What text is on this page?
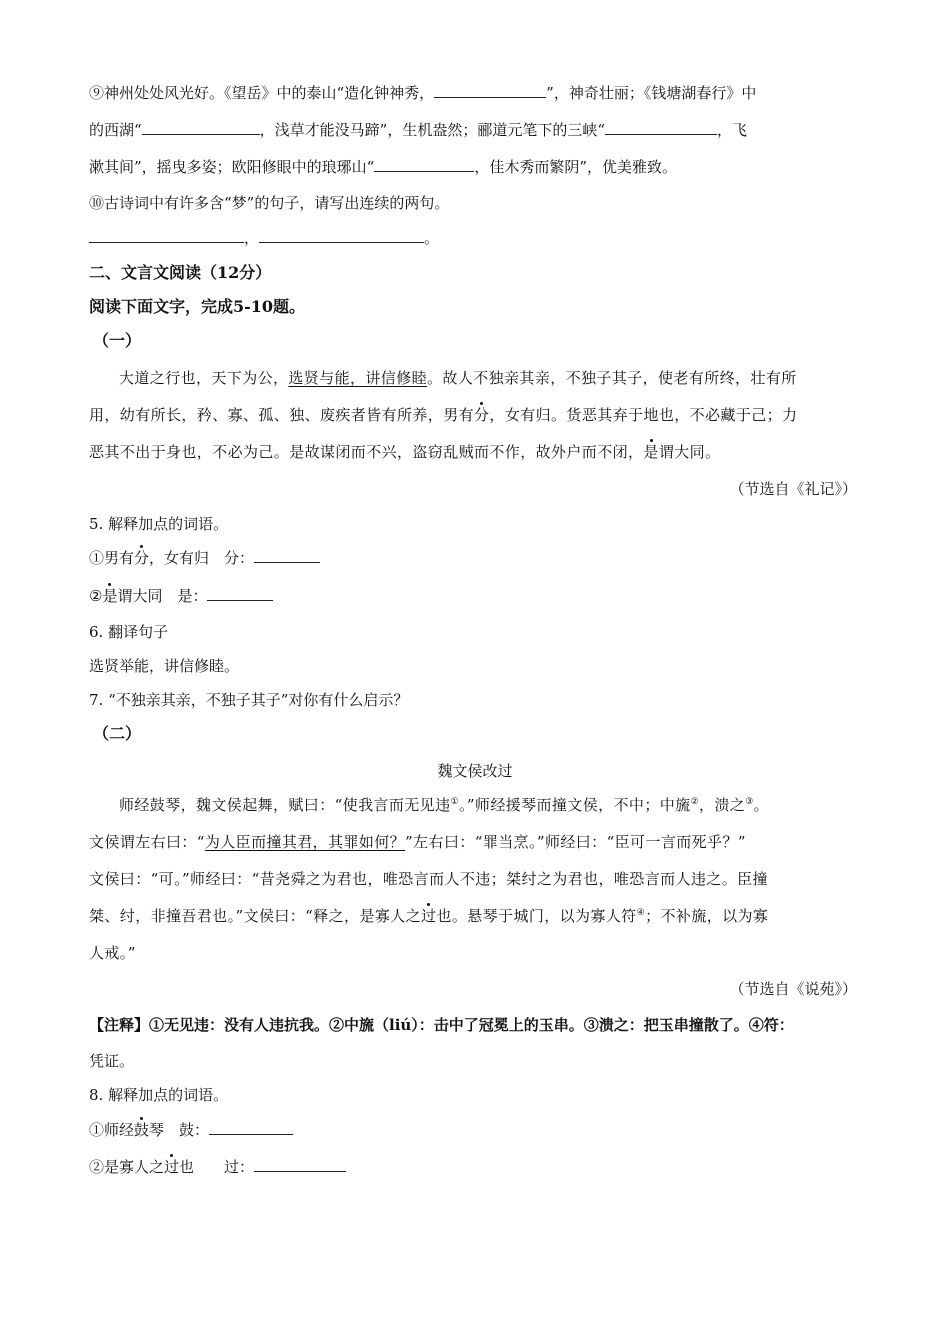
⑨神州处处风光好。《望岳》中的泰山“造化钟神秀，	”，神奇壮丽；《钱塘湖春行》中
的西湖“	，浅草才能没马蹄”，生机盎然；郦道元笔下的三峡“	，飞
漱其间”，摇曳多姿；欧阳修眼中的琅琊山“	，佳木秀而繁阴”，优美雅致。
⑩古诗词中有许多含“梦”的句子，请写出连续的两句。
，	。
二、文言文阅读（12分）
阅读下面文字，完成5-10题。
（一）
大道之行也，天下为公，选贤与能，讲信修睦。故人不独亲其亲，不独子其子，使老有所终，壮有所
用，幼有所长，矜、寡、孤、独、废疾者皆有所养，男有分，女有归。货恶其弃于地也，不必藏于己；力
恶其不出于身也，不必为己。是故谋闭而不兴，盗窃乱贼而不作，故外户而不闭，是谓大同。
（节选自《礼记》）
5. 解释加点的词语。
①男有分，女有归　分：
②是谓大同　是：
6. 翻译句子
选贤举能，讲信修睦。
7. “不独亲其亲，不独子其子”对你有什么启示？
（二）
魏文侯改过
师经鼓琴，魏文侯起舞，赋曰：“使我言而无见违①。”师经援琴而撞文侯，不中；中旒②，溃之③。
文侯谓左右曰：“为人臣而撞其君，其罪如何？”左右曰：“罪当烹。”师经曰：“臣可一言而死乎？”
文侯曰：“可。”师经曰：“昔尧舜之为君也，唯恐言而人不违；桀纣之为君也，唯恐言而人违之。臣撞
桀、纣，非撞吾君也。”文侯曰：“释之，是寡人之过也。悬琴于城门，以为寡人符④；不补旒，以为寡
人戒。”
（节选自《说苑》）
【注释】①无见违：没有人违抗我。②中旒（liú）：击中了冠冕上的玉串。③溃之：把玉串撞散了。④符：
凭证。
8. 解释加点的词语。
①师经鼓琴　鼓：
②是寡人之过也　　过：
